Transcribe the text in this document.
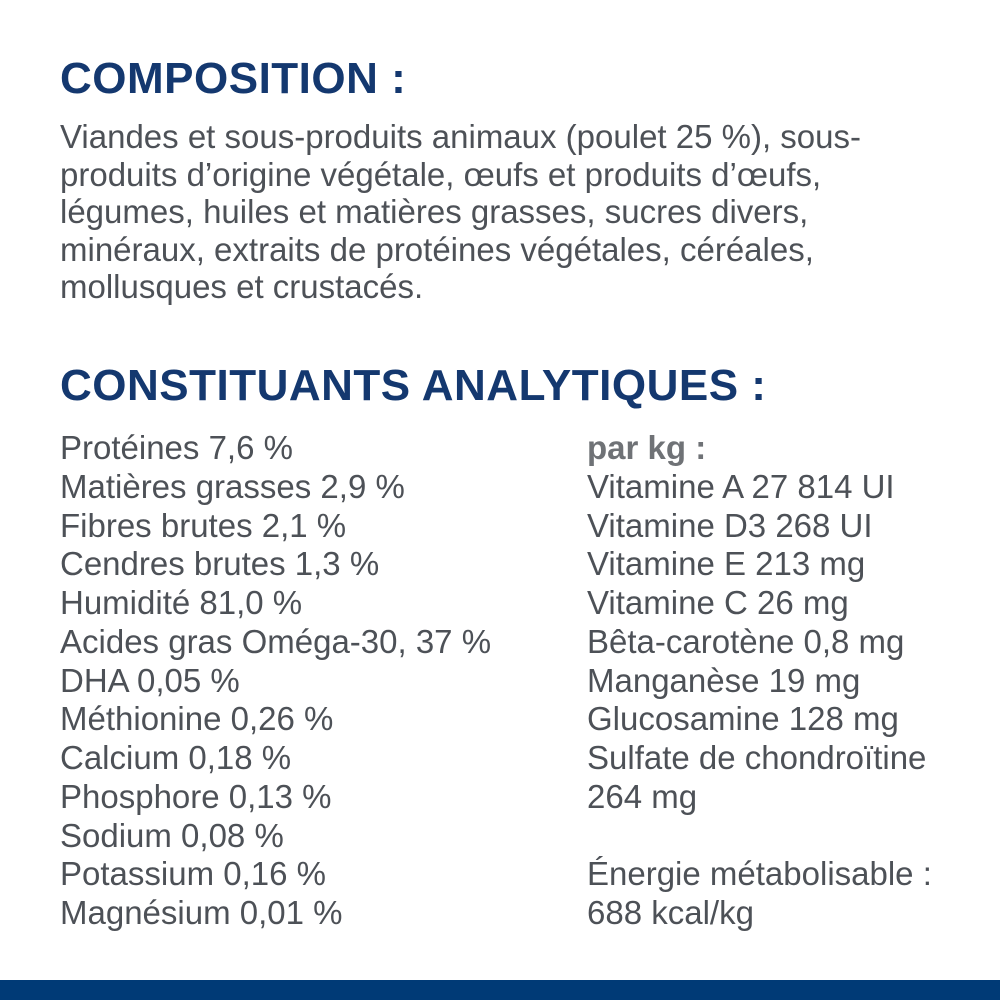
COMPOSITION :

Viandes et sous-produits animaux (poulet 25 %), sous-produits d’origine végétale, œufs et produits d’œufs, légumes, huiles et matières grasses, sucres divers, minéraux, extraits de protéines végétales, céréales, mollusques et crustacés.

CONSTITUANTS ANALYTIQUES :
Protéines 7,6 %
Matières grasses 2,9 %
Fibres brutes 2,1 %
Cendres brutes 1,3 %
Humidité 81,0 %
Acides gras Oméga-30, 37 %
DHA 0,05 %
Méthionine 0,26 %
Calcium 0,18 %
Phosphore 0,13 %
Sodium 0,08 %
Potassium 0,16 %
Magnésium 0,01 %
par kg :
Vitamine A 27 814 UI
Vitamine D3 268 UI
Vitamine E 213 mg
Vitamine C 26 mg
Bêta-carotène 0,8 mg
Manganèse 19 mg
Glucosamine 128 mg
Sulfate de chondroïtine
264 mg
Énergie métabolisable :
688 kcal/kg
